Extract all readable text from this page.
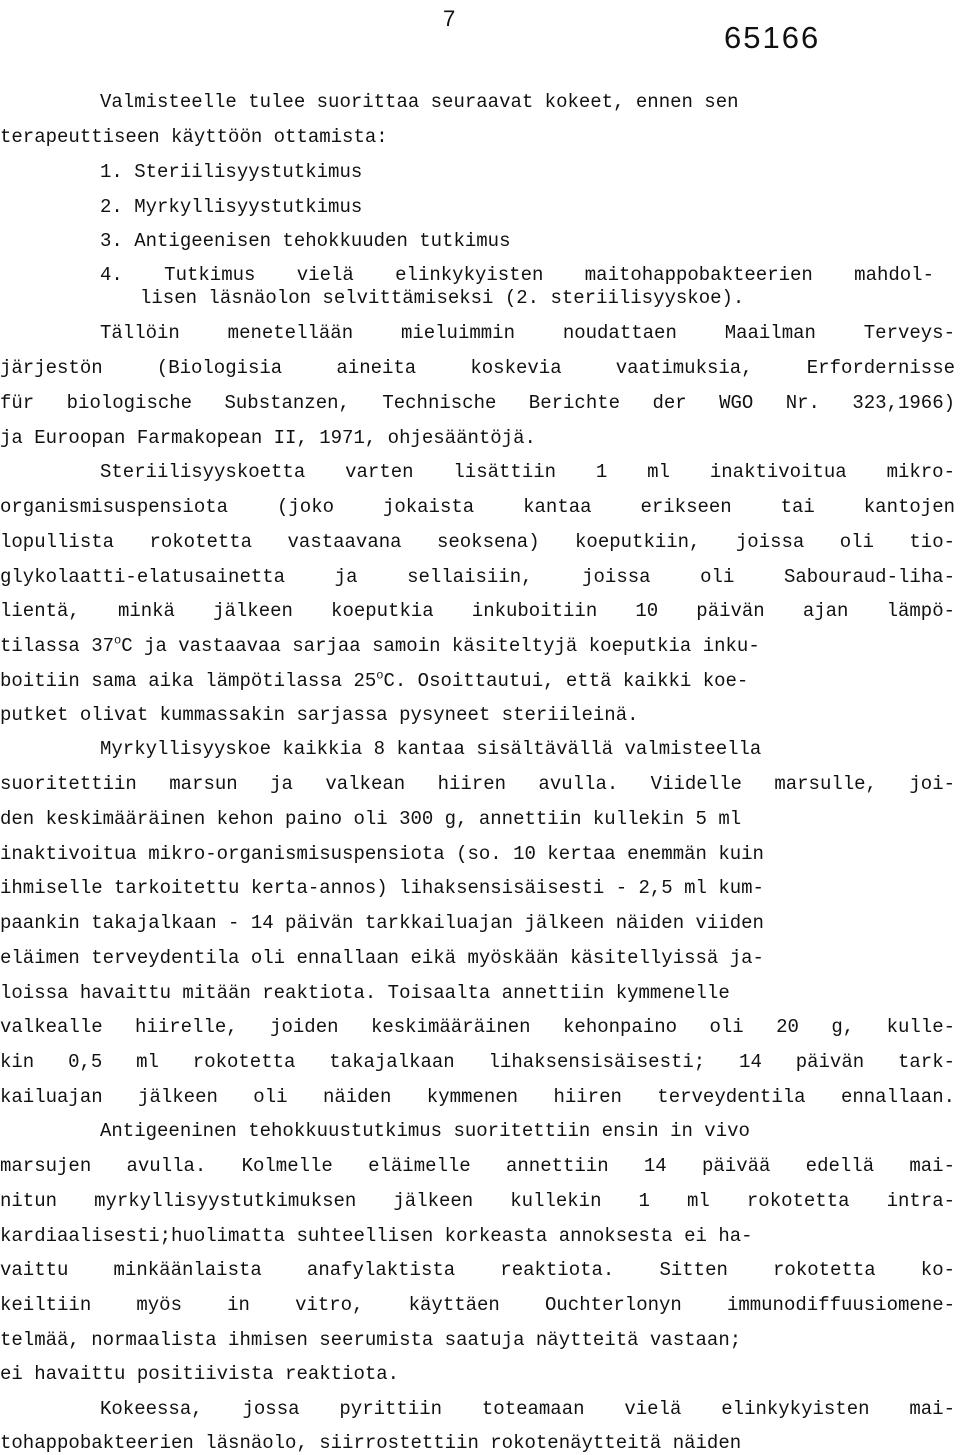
7
65166
Valmisteelle tulee suorittaa seuraavat kokeet, ennen sen
terapeuttiseen käyttöön ottamista:
1. Steriilisyystutkimus
2. Myrkyllisyystutkimus
3. Antigeenisen tehokkuuden tutkimus
4. Tutkimus vielä elinkykyisten maitohappobakteerien mahdol-
lisen läsnäolon selvittämiseksi (2. steriilisyyskoe).
Tällöin menetellään mieluimmin noudattaen Maailman Terveys-
järjestön (Biologisia aineita koskevia vaatimuksia, Erfordernisse
für biologische Substanzen, Technische Berichte der WGO Nr. 323,1966)
ja Euroopan Farmakopean II, 1971, ohjesääntöjä.
Steriilisyyskoetta varten lisättiin 1 ml inaktivoitua mikro-
organismisuspensiota (joko jokaista kantaa erikseen tai kantojen
lopullista rokotetta vastaavana seoksena) koeputkiin, joissa oli tio-
glykolaatti-elatusainetta ja sellaisiin, joissa oli Sabouraud-liha-
lientä, minkä jälkeen koeputkia inkuboitiin 10 päivän ajan lämpö-
tilassa 37$^o$C ja vastaavaa sarjaa samoin käsiteltyjä koeputkia inku-
boitiin sama aika lämpötilassa 25$^o$C. Osoittautui, että kaikki koe-
putket olivat kummassakin sarjassa pysyneet steriileinä.
Myrkyllisyyskoe kaikkia 8 kantaa sisältävällä valmisteella
suoritettiin marsun ja valkean hiiren avulla. Viidelle marsulle, joi-
den keskimääräinen kehon paino oli 300 g, annettiin kullekin 5 ml
inaktivoitua mikro-organismisuspensiota (so. 10 kertaa enemmän kuin
ihmiselle tarkoitettu kerta-annos) lihaksensisäisesti - 2,5 ml kum-
paankin takajalkaan - 14 päivän tarkkailuajan jälkeen näiden viiden
eläimen terveydentila oli ennallaan eikä myöskään käsitellyissä ja-
loissa havaittu mitään reaktiota. Toisaalta annettiin kymmenelle
valkealle hiirelle, joiden keskimääräinen kehonpaino oli 20 g, kulle-
kin 0,5 ml rokotetta takajalkaan lihaksensisäisesti; 14 päivän tark-
kailuajan jälkeen oli näiden kymmenen hiiren terveydentila ennallaan.
Antigeeninen tehokkuustutkimus suoritettiin ensin in vivo
marsujen avulla. Kolmelle eläimelle annettiin 14 päivää edellä mai-
nitun myrkyllisyystutkimuksen jälkeen kullekin 1 ml rokotetta intra-
kardiaalisesti;huolimatta suhteellisen korkeasta annoksesta ei ha-
vaittu minkäänlaista anafylaktista reaktiota. Sitten rokotetta ko-
keiltiin myös in vitro, käyttäen Ouchterlonyn immunodiffuusiomene-
telmää, normaalista ihmisen seerumista saatuja näytteitä vastaan;
ei havaittu positiivista reaktiota.
Kokeessa, jossa pyrittiin toteamaan vielä elinkykyisten mai-
tohappobakteerien läsnäolo, siirrostettiin rokotenäytteitä näiden
